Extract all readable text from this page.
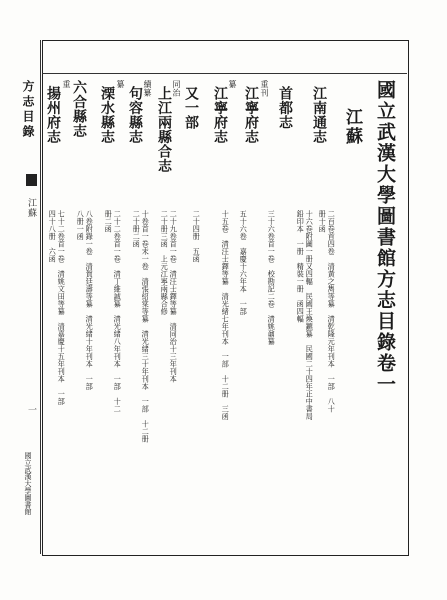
國立武漢大學圖書館方志目錄卷一
江蘇
江南通志
二百卷首四卷　清黃之雋等纂　清乾隆元年刊本　一部　八十
册十函
十六卷附圖一册又四輻　民國王煥鑣纂　民國二十四年正中書局
鉛印本　一册　精裝一册　函四輻
首都志
三十六卷首一卷　校勘記二卷　清姚鼐纂
重刊
江寧府志
五十六卷　嘉慶十六年本　一部
纂
江寧府志
十五卷　清汪士鐸等纂　清光緒七年刊本　一部　十二册　三函
又一部
二十四册　五函
同治
上江兩縣合志
二十九卷首一卷　清汪士鐸等纂　清同治十三年刊本
二十册三函　上元江寧兩縣合修
續纂
句容縣志
十卷首一卷末一卷　清張紹棠等纂　清光緒三十年刊本　一部　十二册
二十册二函
纂
溧水縣志
二十二卷首一卷　清丁維誠纂　清光緒八年刊本　一部　十二
册二函
六合縣志
八卷附錄一卷　清賀廷壽等纂　清光緒十年刊本　一部
八册一函
重
揚州府志
七十二卷首一卷　清姚文田等纂　清嘉慶十五年刊本　一部
四十八册　六函
方志目錄
江蘇
一
國立武漢大學圖書館
